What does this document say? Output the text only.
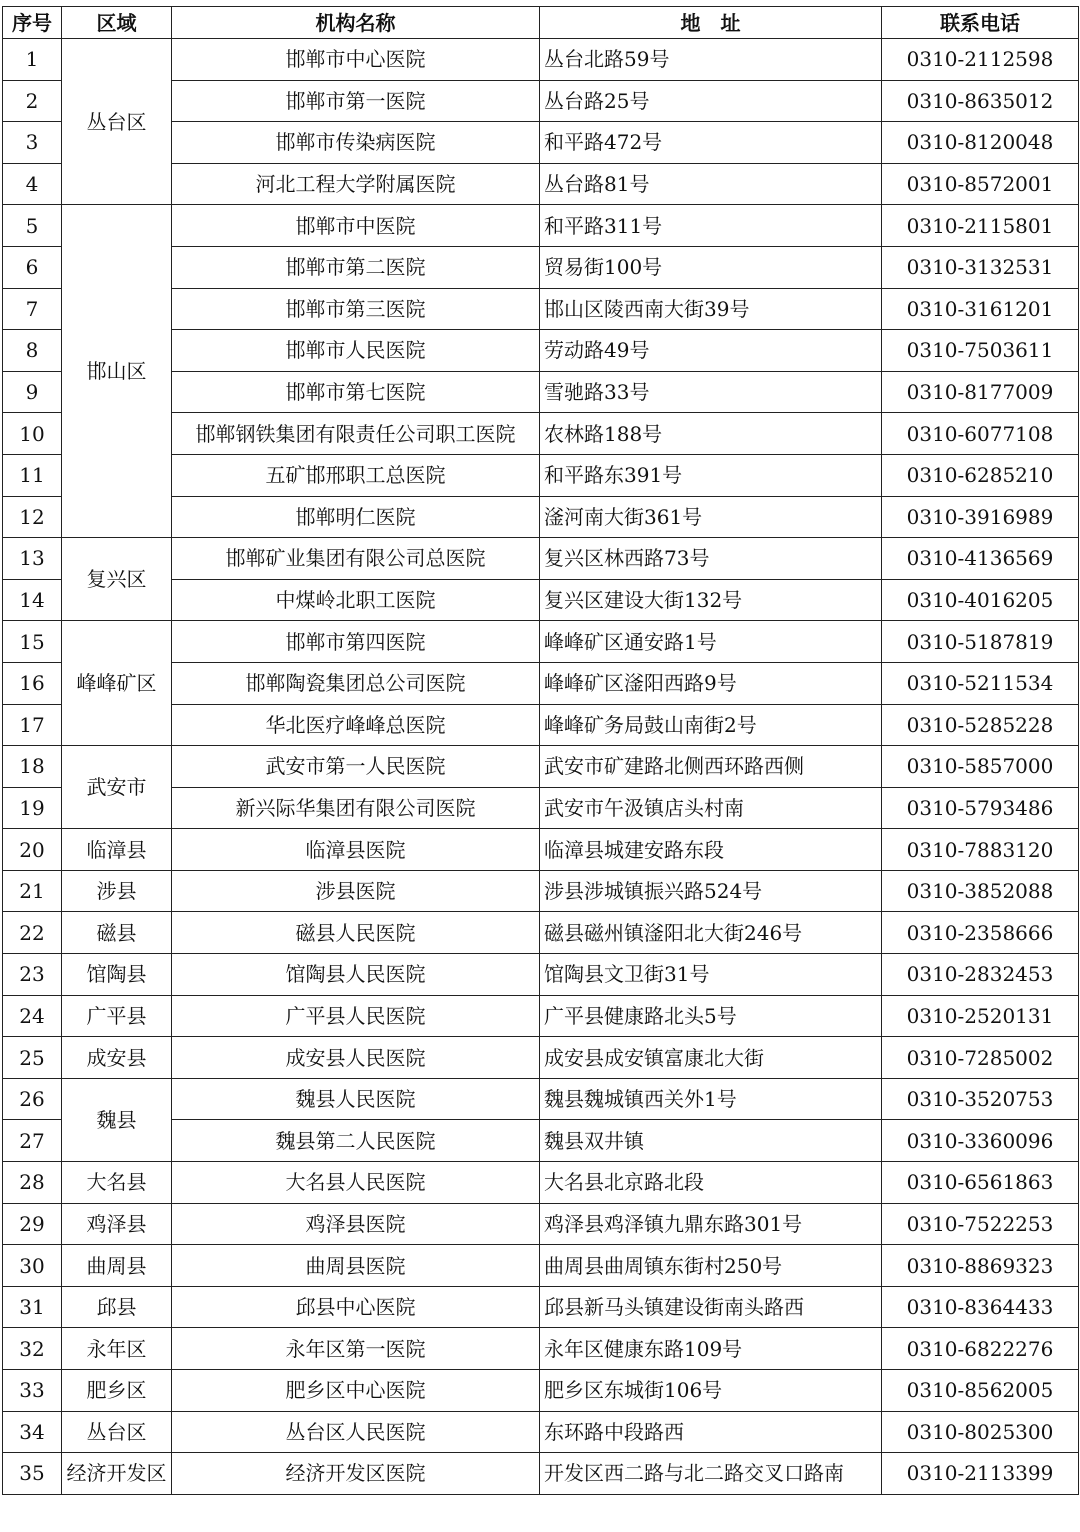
序号	区域	机构名称	地　址	联系电话
1	丛台区	邯郸市中心医院	丛台北路59号	0310-2112598
2		邯郸市第一医院	丛台路25号	0310-8635012
3		邯郸市传染病医院	和平路472号	0310-8120048
4		河北工程大学附属医院	丛台路81号	0310-8572001
5	邯山区	邯郸市中医院	和平路311号	0310-2115801
6		邯郸市第二医院	贸易街100号	0310-3132531
7		邯郸市第三医院	邯山区陵西南大街39号	0310-3161201
8		邯郸市人民医院	劳动路49号	0310-7503611
9		邯郸市第七医院	雪驰路33号	0310-8177009
10		邯郸钢铁集团有限责任公司职工医院	农林路188号	0310-6077108
11		五矿邯邢职工总医院	和平路东391号	0310-6285210
12		邯郸明仁医院	滏河南大街361号	0310-3916989
13	复兴区	邯郸矿业集团有限公司总医院	复兴区林西路73号	0310-4136569
14		中煤岭北职工医院	复兴区建设大街132号	0310-4016205
15	峰峰矿区	邯郸市第四医院	峰峰矿区通安路1号	0310-5187819
16		邯郸陶瓷集团总公司医院	峰峰矿区滏阳西路9号	0310-5211534
17		华北医疗峰峰总医院	峰峰矿务局鼓山南街2号	0310-5285228
18	武安市	武安市第一人民医院	武安市矿建路北侧西环路西侧	0310-5857000
19		新兴际华集团有限公司医院	武安市午汲镇店头村南	0310-5793486
20	临漳县	临漳县医院	临漳县城建安路东段	0310-7883120
21	涉县	涉县医院	涉县涉城镇振兴路524号	0310-3852088
22	磁县	磁县人民医院	磁县磁州镇滏阳北大街246号	0310-2358666
23	馆陶县	馆陶县人民医院	馆陶县文卫街31号	0310-2832453
24	广平县	广平县人民医院	广平县健康路北头5号	0310-2520131
25	成安县	成安县人民医院	成安县成安镇富康北大街	0310-7285002
26	魏县	魏县人民医院	魏县魏城镇西关外1号	0310-3520753
27		魏县第二人民医院	魏县双井镇	0310-3360096
28	大名县	大名县人民医院	大名县北京路北段	0310-6561863
29	鸡泽县	鸡泽县医院	鸡泽县鸡泽镇九鼎东路301号	0310-7522253
30	曲周县	曲周县医院	曲周县曲周镇东街村250号	0310-8869323
31	邱县	邱县中心医院	邱县新马头镇建设街南头路西	0310-8364433
32	永年区	永年区第一医院	永年区健康东路109号	0310-6822276
33	肥乡区	肥乡区中心医院	肥乡区东城街106号	0310-8562005
34	丛台区	丛台区人民医院	东环路中段路西	0310-8025300
35	经济开发区	经济开发区医院	开发区西二路与北二路交叉口路南	0310-2113399
